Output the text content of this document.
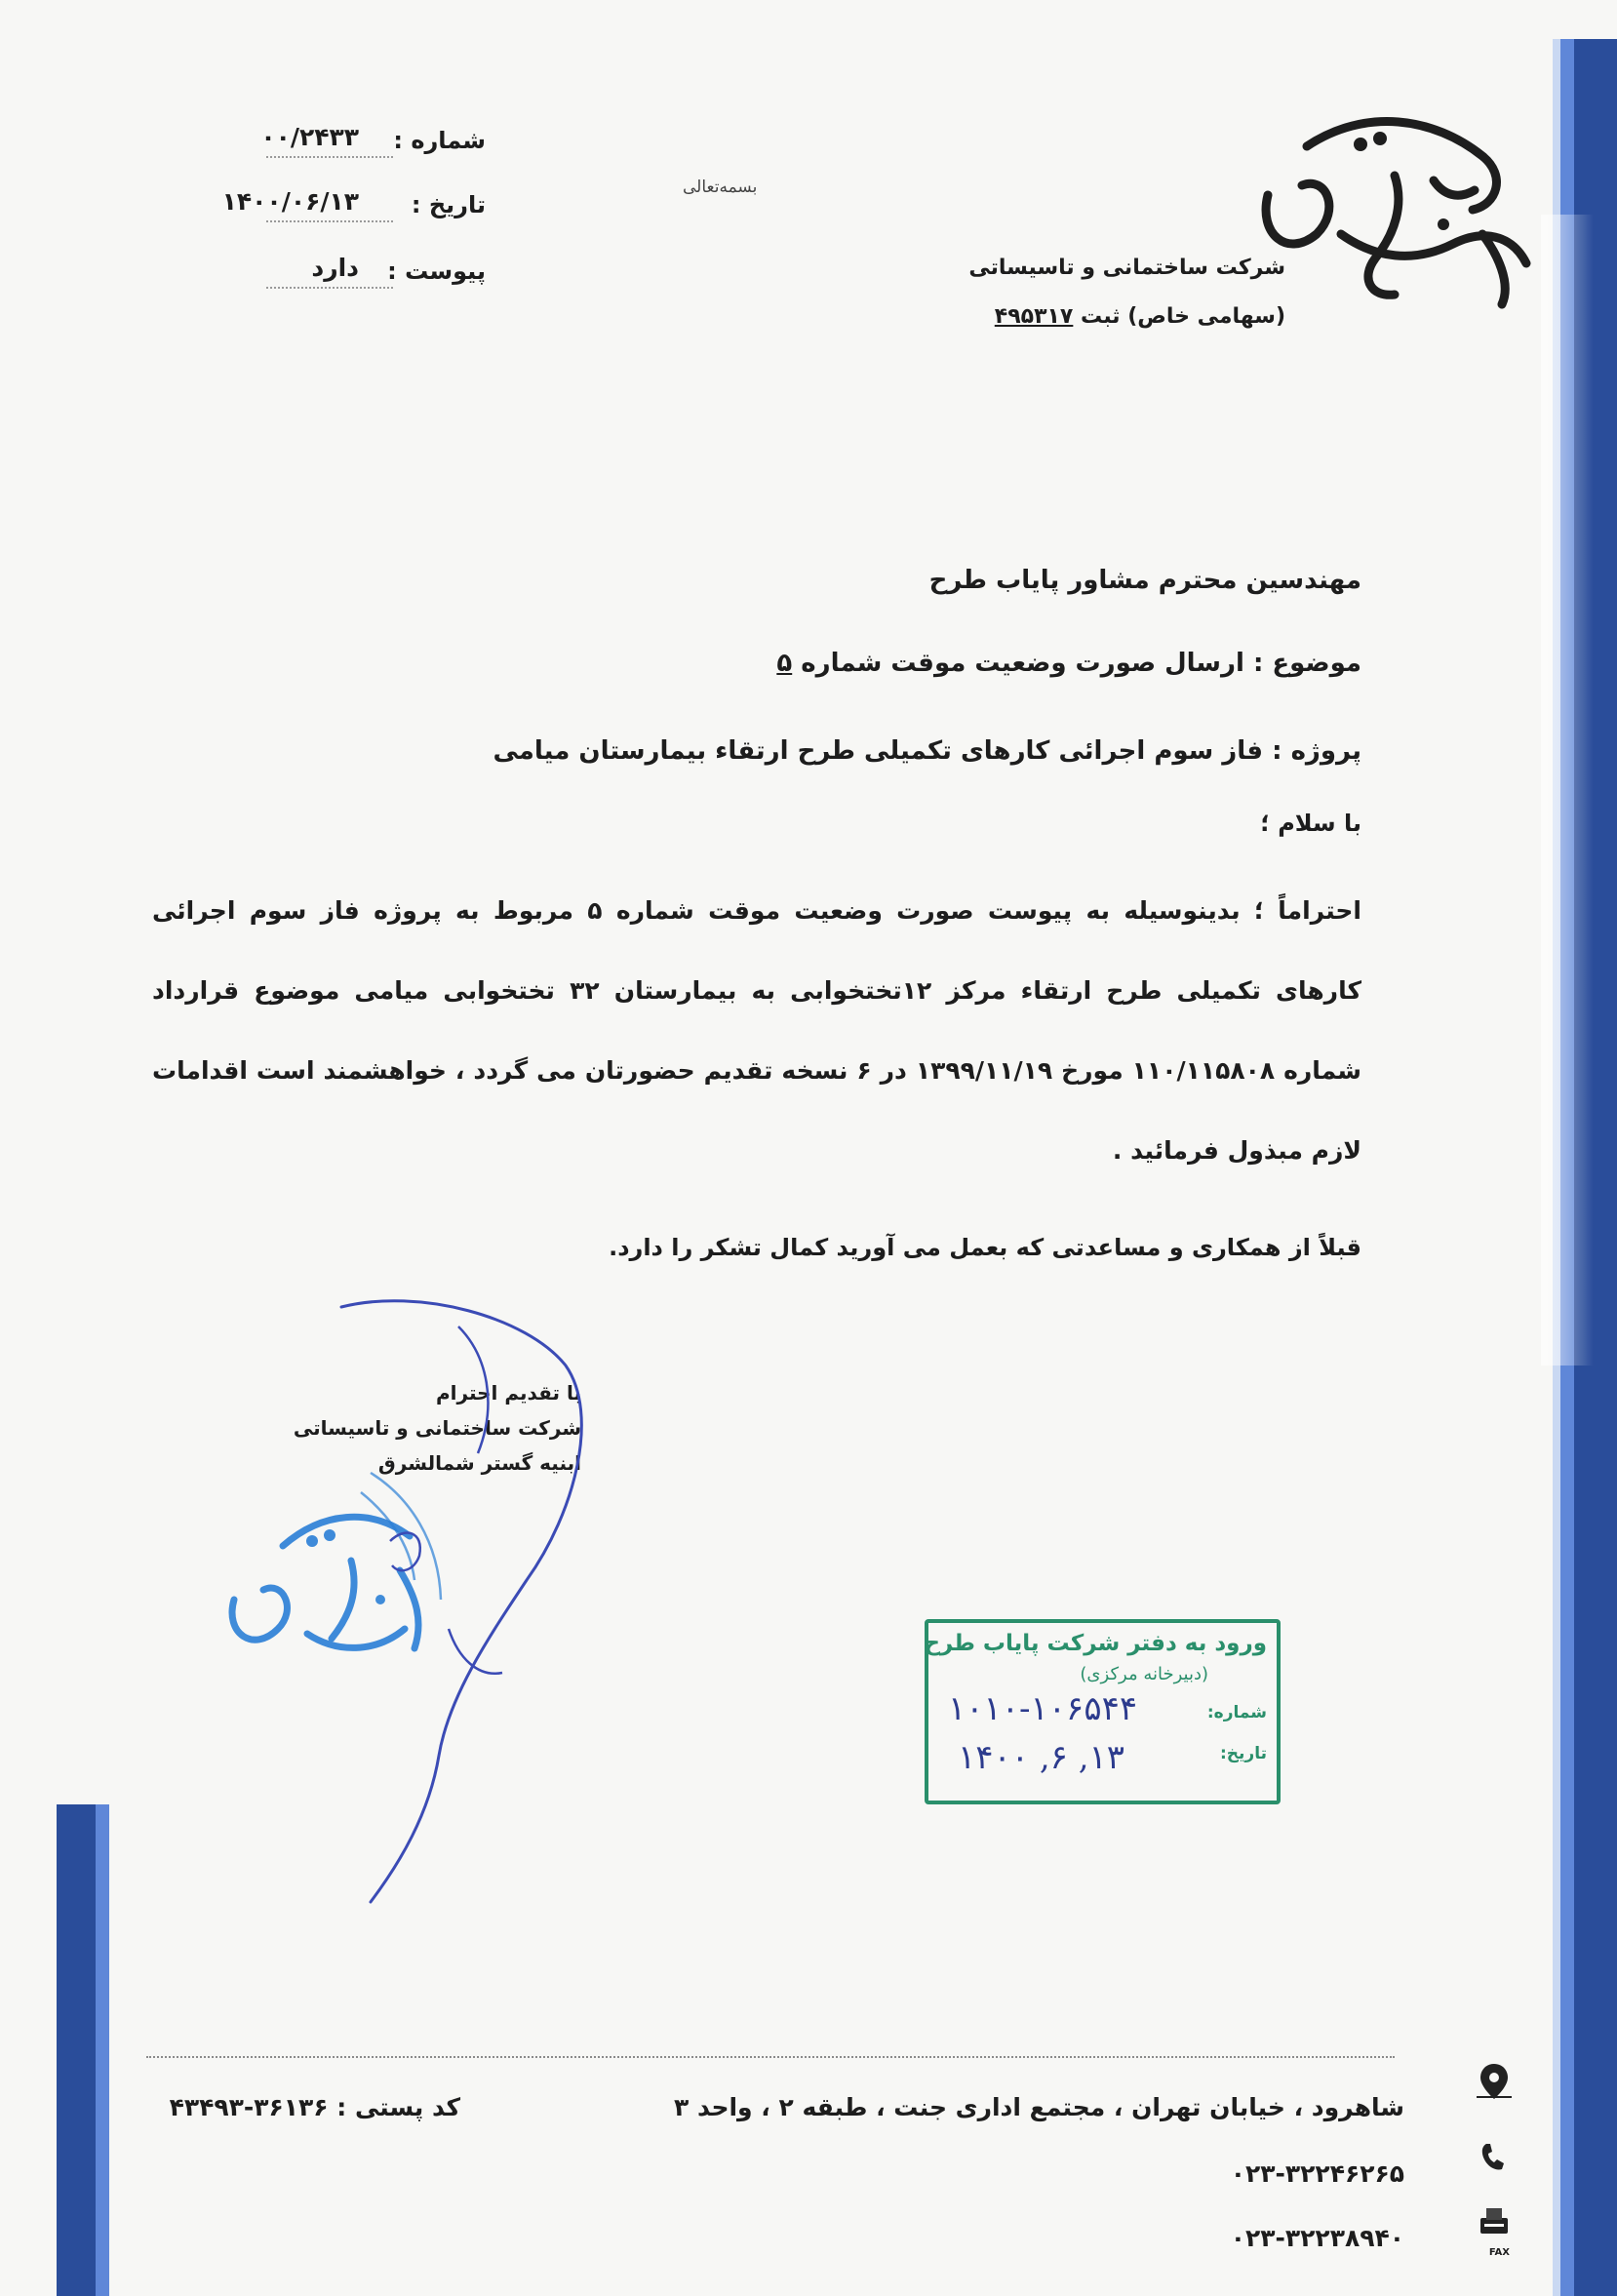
شماره :
۰۰/۲۴۳۳
تاریخ :
۱۴۰۰/۰۶/۱۳
پیوست :
دارد
بسمه‌تعالی
.
شرکت ساختمانی و تاسیساتی
(سهامی خاص) ثبت ۴۹۵۳۱۷
مهندسین محترم مشاور پایاب طرح
موضوع : ارسال صورت وضعیت موقت شماره ۵
پروژه : فاز سوم اجرائی کارهای تکمیلی طرح ارتقاء بیمارستان میامی
با سلام ؛
احتراماً ؛ بدینوسیله به پیوست صورت وضعیت موقت شماره ۵ مربوط به پروژه فاز سوم اجرائی
کارهای تکمیلی طرح ارتقاء مرکز ۱۲تختخوابی به بیمارستان ۳۲ تختخوابی میامی موضوع قرارداد
شماره ۱۱۰/۱۱۵۸۰۸ مورخ ۱۳۹۹/۱۱/۱۹ در ۶ نسخه تقدیم حضورتان می گردد ، خواهشمند است اقدامات
لازم مبذول فرمائید .
قبلاً از همکاری و مساعدتی که بعمل می آورید کمال تشکر را دارد.
با تقدیم احترام
شرکت ساختمانی و تاسیساتی
ابنیه گستر شمالشرق
ورود به دفتر شرکت پایاب طرح
(دبیرخانه مرکزی)
شماره:
تاریخ:
۱۰۱۰-۱۰۶۵۴۴
۱۴۰۰ ,۶ ,۱۳
شاهرود ، خیابان تهران ، مجتمع اداری جنت ، طبقه ۲ ، واحد ۳
کد پستی : ۳۶۱۳۶-۴۳۴۹۳
۰۲۳-۳۲۲۴۶۲۶۵
۰۲۳-۳۲۲۳۸۹۴۰
FAX
